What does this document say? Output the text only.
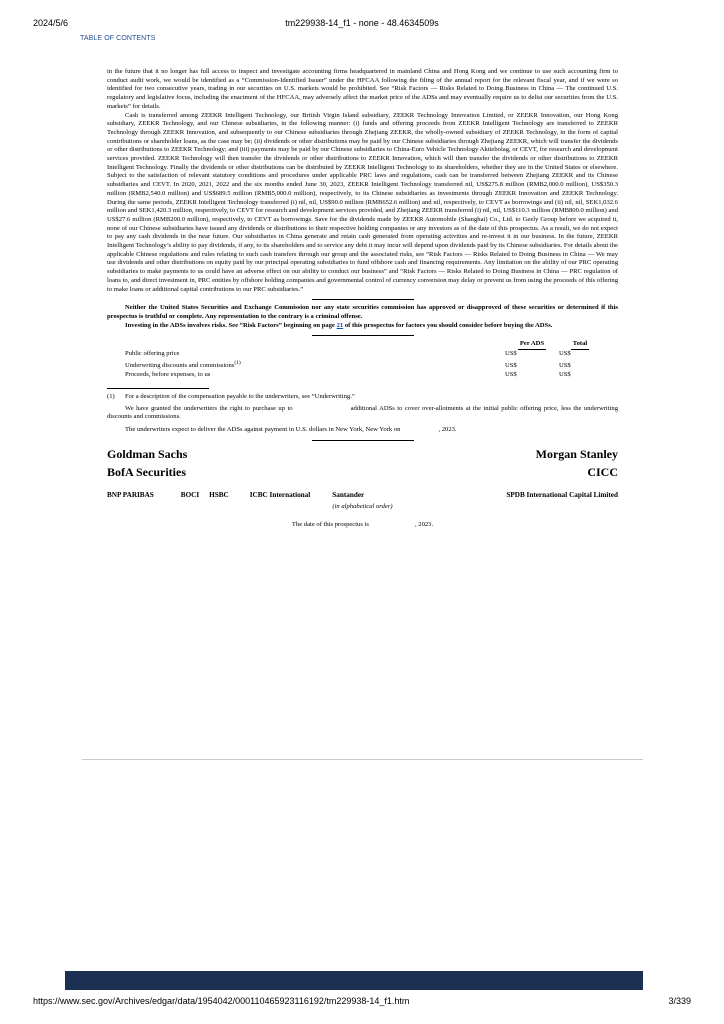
2024/5/6	tm229938-14_f1 - none - 48.4634509s
TABLE OF CONTENTS

in the future that it no longer has full access to inspect and investigate accounting firms headquartered in mainland China and Hong Kong and we continue to use such accounting firm to conduct audit work, we would be identified as a “Commission-Identified Issuer” under the HFCAA following the filing of the annual report for the relevant fiscal year, and if we were so identified for two consecutive years, trading in our securities on U.S. markets would be prohibited. See “Risk Factors — Risks Related to Doing Business in China — The continued U.S. regulatory and legislative focus, including the enactment of the HFCAA, may adversely affect the market price of the ADSs and may eventually require us to delist our securities from the U.S. markets” for details.

Cash is transferred among ZEEKR Intelligent Technology, our British Virgin Island subsidiary, ZEEKR Technology Innovation Limited, or ZEEKR Innovation, our Hong Kong subsidiary, ZEEKR Technology, and our Chinese subsidiaries, in the following manner: (i) funds and offering proceeds from ZEEKR Intelligent Technology are transferred to ZEEKR Technology through ZEEKR Innovation, and subsequently to our Chinese subsidiaries through Zhejiang ZEEKR, the wholly-owned subsidiary of ZEEKR Technology, in the form of capital contributions or shareholder loans, as the case may be; (ii) dividends or other distributions may be paid by our Chinese subsidiaries through Zhejiang ZEEKR, which will transfer the dividends or other distributions to ZEEKR Technology; and (iii) payments may be paid by our Chinese subsidiaries to China-Euro Vehicle Technology Aktiebolag, or CEVT, for research and development services provided. ZEEKR Technology will then transfer the dividends or other distributions to ZEEKR Innovation, which will then transfer the dividends or other distributions to ZEEKR Intelligent Technology. Finally the dividends or other distributions can be distributed by ZEEKR Intelligent Technology to its shareholders, whether they are in the United States or elsewhere. Subject to the satisfaction of relevant statutory conditions and procedures under applicable PRC laws and regulations, cash can be transferred between Zhejiang ZEEKR and its Chinese subsidiaries and CEVT. In 2020, 2021, 2022 and the six months ended June 30, 2023, ZEEKR Intelligent Technology transferred nil, US$275.8 million (RMB2,000.0 million), US$350.3 million (RMB2,540.0 million) and US$689.5 million (RMB5,000.0 million), respectively, to its Chinese subsidiaries as investments through ZEEKR Innovation and ZEEKR Technology. During the same periods, ZEEKR Intelligent Technology transferred (i) nil, nil, US$90.0 million (RMB652.6 million) and nil, respectively, to CEVT as borrowings and (ii) nil, nil, SEK1,032.6 million and SEK1,420.3 million, respectively, to CEVT for research and development services provided, and Zhejiang ZEEKR transferred (i) nil, nil, US$110.3 million (RMB800.0 million) and US$27.6 million (RMB200.0 million), respectively, to CEVT as borrowings. Save for the dividends made by ZEEKR Automobile (Shanghai) Co., Ltd. to Geely Group before we acquired it, none of our Chinese subsidiaries have issued any dividends or distributions to their respective holding companies or any investors as of the date of this prospectus. As a result, we do not expect to pay any cash dividends in the near future. Our subsidiaries in China generate and retain cash generated from operating activities and re-invest it in our business. In the future, ZEEKR Intelligent Technology’s ability to pay dividends, if any, to its shareholders and to service any debt it may incur will depend upon dividends paid by its Chinese subsidiaries. For details about the applicable Chinese regulations and rules relating to such cash transfers through our group and the associated risks, see “Risk Factors — Risks Related to Doing Business in China — We may use dividends and other distributions on equity paid by our principal operating subsidiaries to fund offshore cash and financing requirements. Any limitation on the ability of our PRC operating subsidiaries to make payments to us could have an adverse effect on our ability to conduct our business” and “Risk Factors — Risks Related to Doing Business in China — PRC regulation of loans to, and direct investment in, PRC entities by offshore holding companies and governmental control of currency conversion may delay or prevent us from using the proceeds of this offering to make loans or additional capital contributions to our PRC subsidiaries.”

Neither the United States Securities and Exchange Commission nor any state securities commission has approved or disapproved of these securities or determined if this prospectus is truthful or complete. Any representation to the contrary is a criminal offense.

Investing in the ADSs involves risks. See “Risk Factors” beginning on page 21 of this prospectus for factors you should consider before buying the ADSs.

	Per ADS	Total
Public offering price	US$	US$
Underwriting discounts and commissions$^{(1)}$	US$	US$
Proceeds, before expenses, to us	US$	US$
(1)	For a description of the compensation payable to the underwriters, see “Underwriting.”

We have granted the underwriters the right to purchase up to	additional ADSs to cover over-allotments at the initial public offering price, less the underwriting discounts and commissions.

The underwriters expect to deliver the ADSs against payment in U.S. dollars in New York, New York on	, 2023.

Goldman Sachs	Morgan Stanley
BofA Securities	CICC
BNP PARIBAS	BOCI HSBC	ICBC International	Santander	SPDB International Capital Limited
(in alphabetical order)
The date of this prospectus is	, 2023.
https://www.sec.gov/Archives/edgar/data/1954042/000110465923116192/tm229938-14_f1.htm	3/339
